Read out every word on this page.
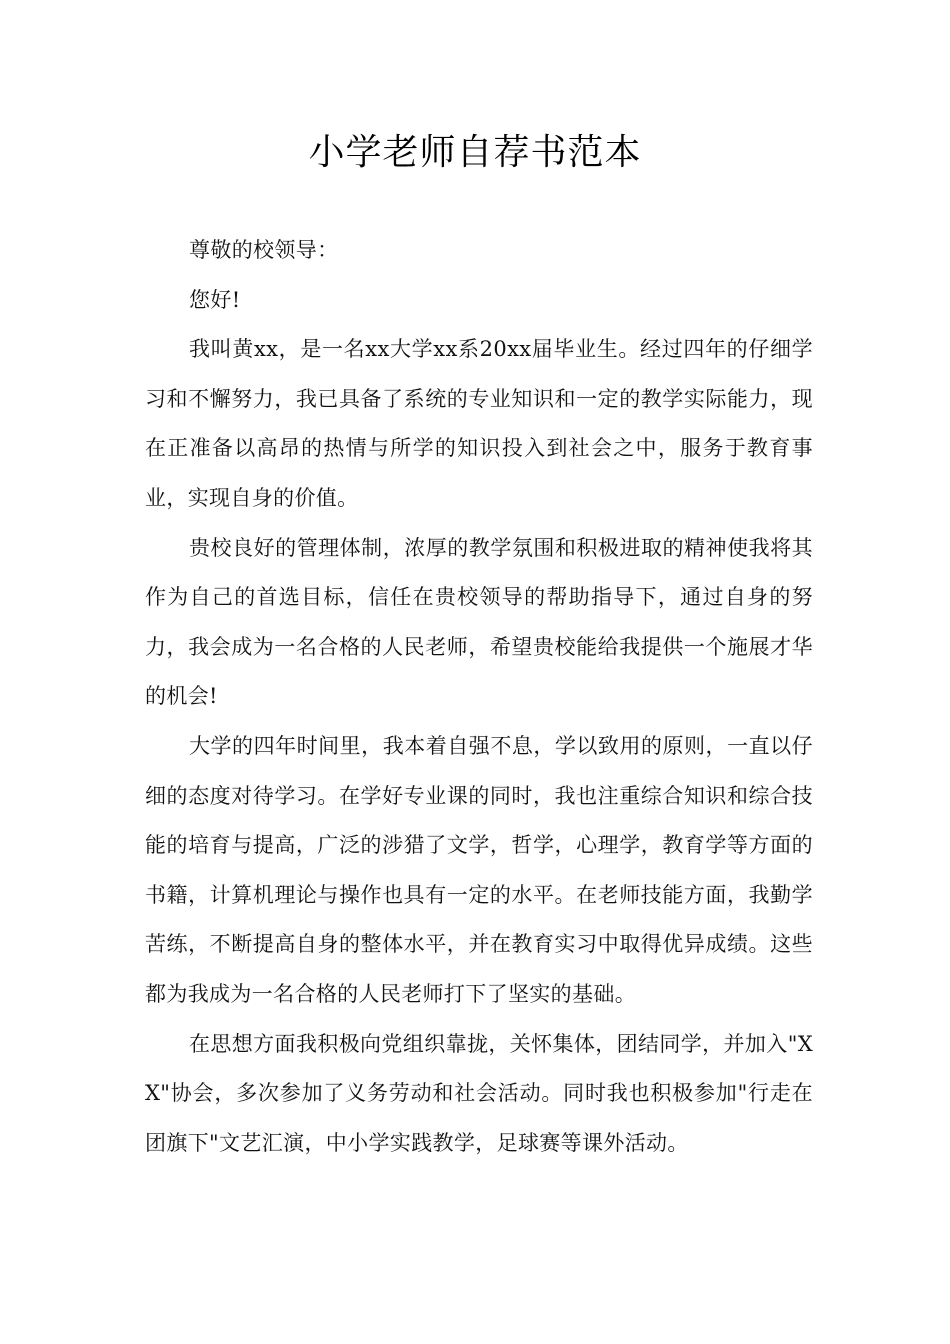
小学老师自荐书范本

尊敬的校领导：

您好!

我叫黄xx，是一名xx大学xx系20xx届毕业生。经过四年的仔细学习和不懈努力，我已具备了系统的专业知识和一定的教学实际能力，现在正准备以高昂的热情与所学的知识投入到社会之中，服务于教育事业，实现自身的价值。

贵校良好的管理体制，浓厚的教学氛围和积极进取的精神使我将其作为自己的首选目标，信任在贵校领导的帮助指导下，通过自身的努力，我会成为一名合格的人民老师，希望贵校能给我提供一个施展才华的机会!

大学的四年时间里，我本着自强不息，学以致用的原则，一直以仔细的态度对待学习。在学好专业课的同时，我也注重综合知识和综合技能的培育与提高，广泛的涉猎了文学，哲学，心理学，教育学等方面的书籍，计算机理论与操作也具有一定的水平。在老师技能方面，我勤学苦练，不断提高自身的整体水平，并在教育实习中取得优异成绩。这些都为我成为一名合格的人民老师打下了坚实的基础。

在思想方面我积极向党组织靠拢，关怀集体，团结同学，并加入"XX"协会，多次参加了义务劳动和社会活动。同时我也积极参加"行走在团旗下"文艺汇演，中小学实践教学，足球赛等课外活动。
